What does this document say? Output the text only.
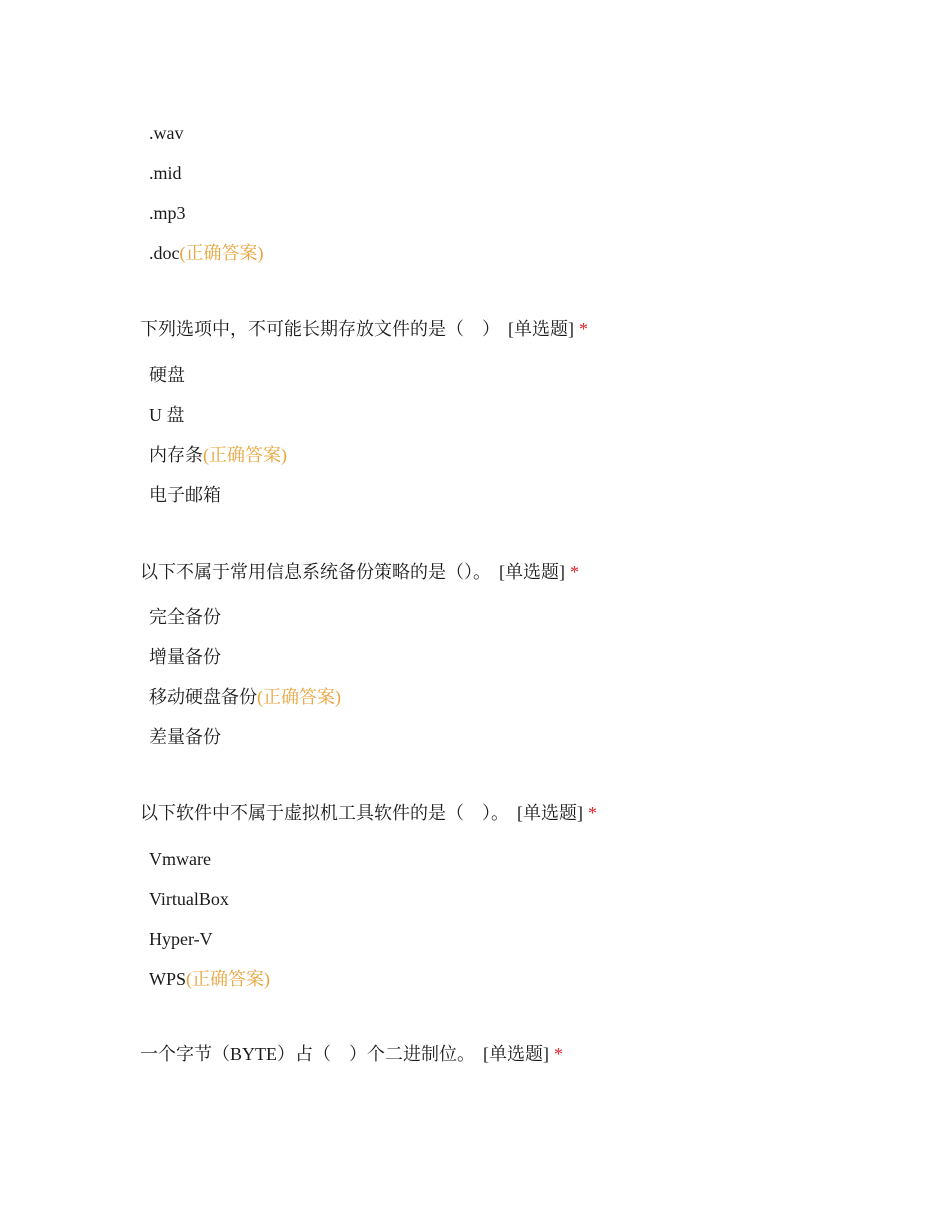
.wav
.mid
.mp3
.doc(正确答案)
下列选项中，不可能长期存放文件的是（　） [单选题] *
硬盘
U 盘
内存条(正确答案)
电子邮箱
以下不属于常用信息系统备份策略的是（）。 [单选题] *
完全备份
增量备份
移动硬盘备份(正确答案)
差量备份
以下软件中不属于虚拟机工具软件的是（　）。 [单选题] *
Vmware
VirtualBox
Hyper-V
WPS(正确答案)
一个字节（BYTE）占（　）个二进制位。 [单选题] *
